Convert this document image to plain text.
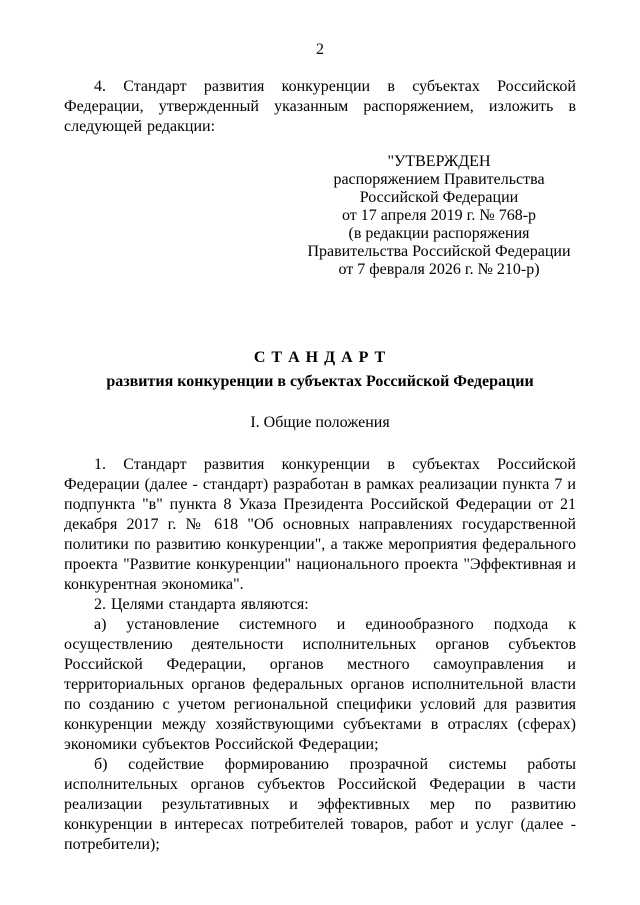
2

4. Стандарт развития конкуренции в субъектах Российской Федерации, утвержденный указанным распоряжением, изложить в следующей редакции:

"УТВЕРЖДЕН
распоряжением Правительства
Российской Федерации
от 17 апреля 2019 г. № 768-р
(в редакции распоряжения
Правительства Российской Федерации
от 7 февраля 2026 г. № 210-р)
С Т А Н Д А Р Т
развития конкуренции в субъектах Российской Федерации
I. Общие положения

1. Стандарт развития конкуренции в субъектах Российской Федерации (далее - стандарт) разработан в рамках реализации пункта 7 и подпункта "в" пункта 8 Указа Президента Российской Федерации от 21 декабря 2017 г. № 618 "Об основных направлениях государственной политики по развитию конкуренции", а также мероприятия федерального проекта "Развитие конкуренции" национального проекта "Эффективная и конкурентная экономика".

2. Целями стандарта являются:

а) установление системного и единообразного подхода к осуществлению деятельности исполнительных органов субъектов Российской Федерации, органов местного самоуправления и территориальных органов федеральных органов исполнительной власти по созданию с учетом региональной специфики условий для развития конкуренции между хозяйствующими субъектами в отраслях (сферах) экономики субъектов Российской Федерации;

б) содействие формированию прозрачной системы работы исполнительных органов субъектов Российской Федерации в части реализации результативных и эффективных мер по развитию конкуренции в интересах потребителей товаров, работ и услуг (далее - потребители);
